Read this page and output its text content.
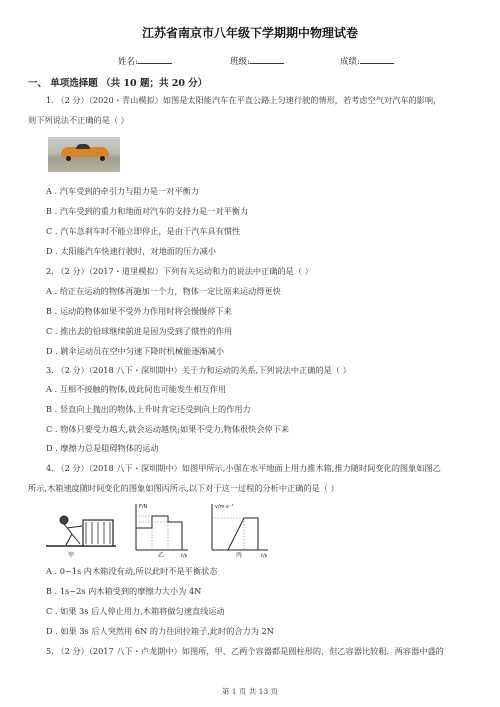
江苏省南京市八年级下学期期中物理试卷
姓名:	班级:	成绩:
一、 单项选择题 （共 10 题；共 20 分）
1. （2 分）（2020・青山模拟）如图是太阳能汽车在平直公路上匀速行驶的情形，若考虑空气对汽车的影响，
则下列说法不正确的是（ ）
A . 汽车受到的牵引力与阻力是一对平衡力
B . 汽车受到的重力和地面对汽车的支持力是一对平衡力
C . 汽车急刹车时不能立即停止，是由于汽车具有惯性
D . 太阳能汽车快速行驶时，对地面的压力减小
2. （2 分）（2017・道里模拟）下列有关运动和力的说法中正确的是（ ）
A . 给正在运动的物体再施加一个力，物体一定比原来运动得更快
B . 运动的物体如果不受外力作用时将会慢慢停下来
C . 推出去的铅球继续前进是因为受到了惯性的作用
D . 跳伞运动员在空中匀速下降时机械能逐渐减小
3. （2 分）（2018 八下・深圳期中）关于力和运动的关系,下列说法中正确的是（ ）
A . 互相不接触的物体,彼此间也可能发生相互作用
B . 竖直向上抛出的物体,上升时肯定还受到向上的作用力
C . 物体只要受力越大,就会运动越快;如果不受力,物体很快会停下来
D . 摩擦力总是阻碍物体的运动
4. （2 分）（2018 八下・深圳期中）如图甲所示,小强在水平地面上用力推木箱,推力随时间变化的图象如图乙
所示,木箱速度随时间变化的图象如图丙所示,以下对于这一过程的分析中正确的是（ ）
甲
F/N
t/s
乙
v/m·s⁻¹
t/s
丙
A . 0~1s 内木箱没有动,所以此时不是平衡状态
B . 1s~2s 内木箱受到的摩擦力大小为 4N
C . 如果 3s 后人停止用力,木箱将做匀速直线运动
D . 如果 3s 后人突然用 6N 的力往回拉箱子,此时的合力为 2N
5. （2 分）（2017 八下・卢龙期中）如图所，甲、乙两个容器都是圆柱形的，但乙容器比较粗．两容器中盛的
第 1 页 共 13 页
